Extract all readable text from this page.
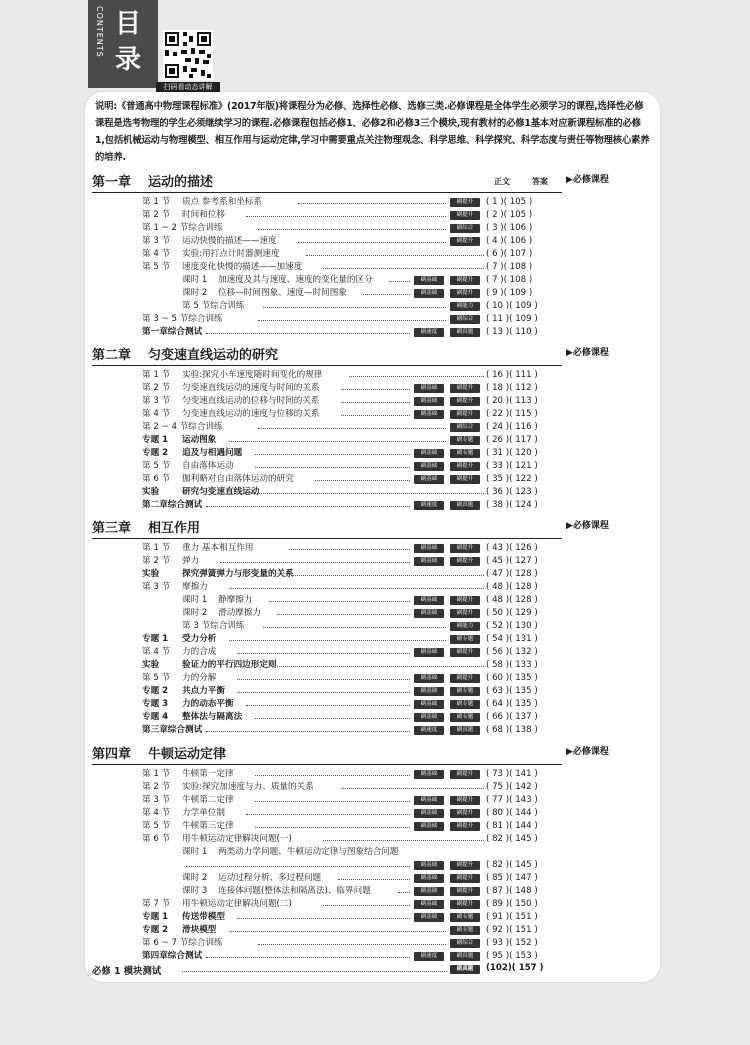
CONTENTS 目录
扫码看动态讲解
说明:《普通高中物理课程标准》(2017年版)将课程分为必修、选择性必修、选修三类.必修课程是全体学生必须学习的课程,选择性必修课程是选考物理的学生必须继续学习的课程.必修课程包括必修1、必修2和必修3三个模块,现有教材的必修1基本对应新课程标准的必修1,包括机械运动与物理模型、相互作用与运动定律,学习中需要重点关注物理观念、科学思维、科学探究、科学态度与责任等物理核心素养的培养.
第一章 运动的描述	正文	答案
第 1 节 质点 参考系和坐标系	刷提升	( 1 )( 105 )
第 2 节 时间和位移	刷提升	( 2 )( 105 )
第 1 ~ 2 节综合训练	刷综合	( 3 )( 106 )
第 3 节 运动快慢的描述——速度	刷提升	( 4 )( 106 )
第 4 节 实验:用打点计时器测速度	( 6 )( 107 )
第 5 节 速度变化快慢的描述——加速度	( 7 )( 108 )
课时 1 加速度及其与速度、速度的变化量的区分	刷基础	刷提升	( 7 )( 108 )
课时 2 位移—时间图象、速度—时间图象	刷基础	刷提升	( 9 )( 109 )
第 5 节综合训练	刷能力	( 10 )( 109 )
第 3 ~ 5 节综合训练	刷综合	( 11 )( 109 )
第一章综合测试	刷速度	刷真题	( 13 )( 110 )
▶必修课程
第二章 匀变速直线运动的研究
第 1 节 实验:探究小车速度随时间变化的规律	( 16 )( 111 )
第 2 节 匀变速直线运动的速度与时间的关系	刷基础	刷提升	( 18 )( 112 )
第 3 节 匀变速直线运动的位移与时间的关系	刷基础	刷提升	( 20 )( 113 )
第 4 节 匀变速直线运动的速度与位移的关系	刷基础	刷提升	( 22 )( 115 )
第 2 ~ 4 节综合训练	刷综合	( 24 )( 116 )
专题 1 运动图象	刷专题	( 26 )( 117 )
专题 2 追及与相遇问题	刷基础	刷专题	( 31 )( 120 )
第 5 节 自由落体运动	刷基础	刷提升	( 33 )( 121 )
第 6 节 伽利略对自由落体运动的研究	刷基础	刷提升	( 35 )( 122 )
实验	研究匀变速直线运动	( 36 )( 123 )
第二章综合测试	刷速度	刷真题	( 38 )( 124 )
▶必修课程
第三章 相互作用
第 1 节 重力 基本相互作用	刷基础	刷提升	( 43 )( 126 )
第 2 节 弹力	刷基础	刷提升	( 45 )( 127 )
实验	探究弹簧弹力与形变量的关系	( 47 )( 128 )
第 3 节 摩擦力	( 48 )( 128 )
课时 1 静摩擦力	刷基础	刷提升	( 48 )( 128 )
课时 2 滑动摩擦力	刷基础	刷提升	( 50 )( 129 )
第 3 节综合训练	刷能力	( 52 )( 130 )
专题 1 受力分析	刷专题	( 54 )( 131 )
第 4 节 力的合成	刷基础	刷提升	( 56 )( 132 )
实验	验证力的平行四边形定则	( 58 )( 133 )
第 5 节 力的分解	刷基础	刷提升	( 60 )( 135 )
专题 2 共点力平衡	刷基础	刷专题	( 63 )( 135 )
专题 3 力的动态平衡	刷基础	刷专题	( 64 )( 135 )
专题 4 整体法与隔离法	刷基础	刷专题	( 66 )( 137 )
第三章综合测试	刷速度	刷真题	( 68 )( 138 )
▶必修课程
第四章 牛顿运动定律
第 1 节 牛顿第一定律	刷基础	刷提升	( 73 )( 141 )
第 2 节 实验:探究加速度与力、质量的关系	( 75 )( 142 )
第 3 节 牛顿第二定律	刷基础	刷提升	( 77 )( 143 )
第 4 节 力学单位制	刷基础	刷提升	( 80 )( 144 )
第 5 节 牛顿第三定律	刷基础	刷提升	( 81 )( 144 )
第 6 节 用牛顿运动定律解决问题(一)	( 82 )( 145 )
课时 1 两类动力学问题、牛顿运动定律与图象结合问题
刷基础	刷提升	( 82 )( 145 )
课时 2 运动过程分析、多过程问题	刷基础	刷提升	( 85 )( 147 )
课时 3 连接体问题(整体法和隔离法)、临界问题	刷基础	刷提升	( 87 )( 148 )
第 7 节 用牛顿运动定律解决问题(二)	刷基础	刷提升	( 89 )( 150 )
专题 1 传送带模型	刷基础	刷专题	( 91 )( 151 )
专题 2 滑块模型	刷专题	( 92 )( 151 )
第 6 ~ 7 节综合训练	刷综合	( 93 )( 152 )
第四章综合测试	刷速度	刷真题	( 95 )( 153 )
▶必修课程
必修 1 模块测试	刷真题	(102)( 157 )
